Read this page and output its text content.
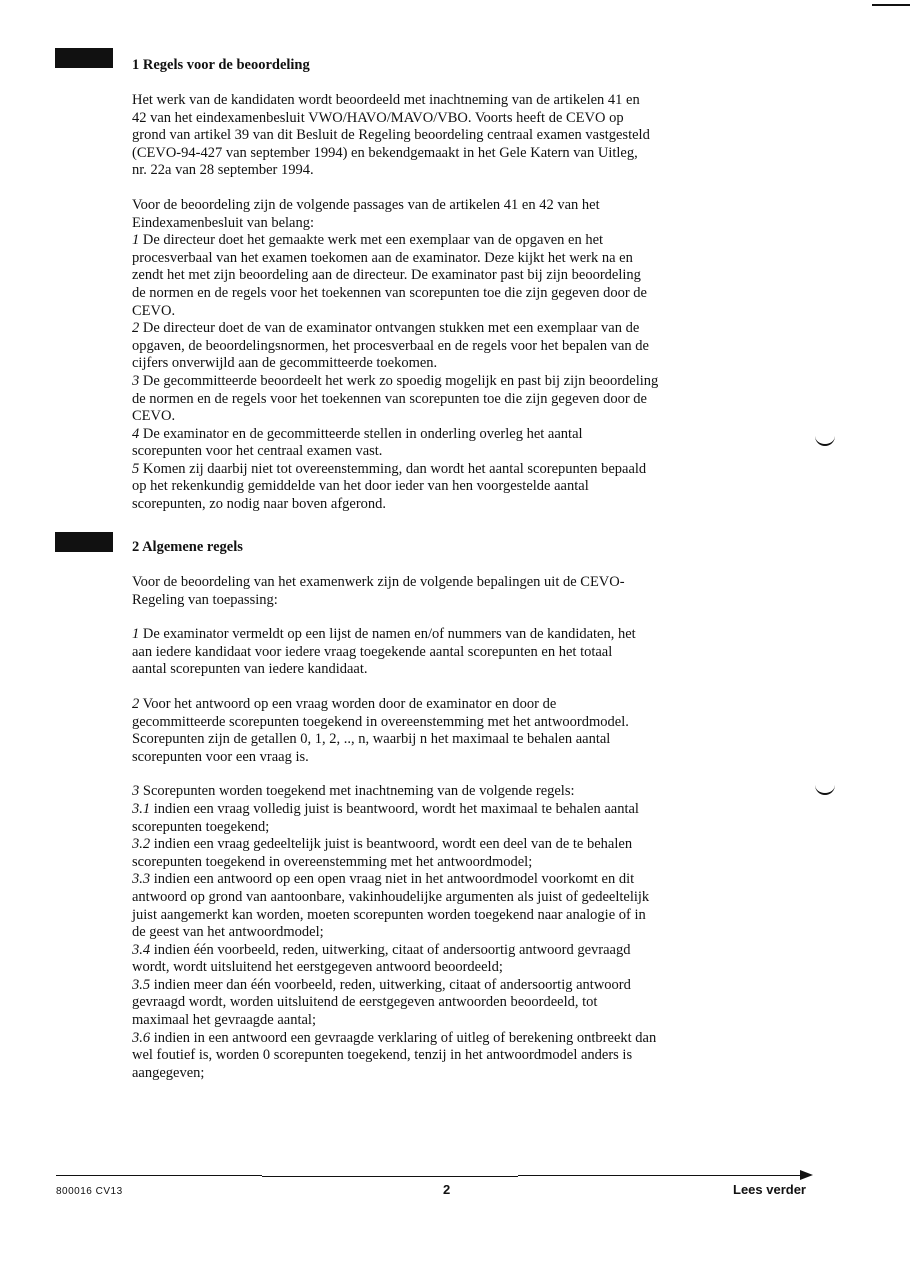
1 Regels voor de beoordeling

Het werk van de kandidaten wordt beoordeeld met inachtneming van de artikelen 41 en
42 van het eindexamenbesluit VWO/HAVO/MAVO/VBO. Voorts heeft de CEVO op
grond van artikel 39 van dit Besluit de Regeling beoordeling centraal examen vastgesteld
(CEVO-94-427 van september 1994) en bekendgemaakt in het Gele Katern van Uitleg,
nr. 22a van 28 september 1994.

Voor de beoordeling zijn de volgende passages van de artikelen 41 en 42 van het
Eindexamenbesluit van belang:

1 De directeur doet het gemaakte werk met een exemplaar van de opgaven en het
procesverbaal van het examen toekomen aan de examinator. Deze kijkt het werk na en
zendt het met zijn beoordeling aan de directeur. De examinator past bij zijn beoordeling
de normen en de regels voor het toekennen van scorepunten toe die zijn gegeven door de
CEVO.

2 De directeur doet de van de examinator ontvangen stukken met een exemplaar van de
opgaven, de beoordelingsnormen, het procesverbaal en de regels voor het bepalen van de
cijfers onverwijld aan de gecommitteerde toekomen.

3 De gecommitteerde beoordeelt het werk zo spoedig mogelijk en past bij zijn beoordeling
de normen en de regels voor het toekennen van scorepunten toe die zijn gegeven door de
CEVO.

4 De examinator en de gecommitteerde stellen in onderling overleg het aantal
scorepunten voor het centraal examen vast.

5 Komen zij daarbij niet tot overeenstemming, dan wordt het aantal scorepunten bepaald
op het rekenkundig gemiddelde van het door ieder van hen voorgestelde aantal
scorepunten, zo nodig naar boven afgerond.

2 Algemene regels

Voor de beoordeling van het examenwerk zijn de volgende bepalingen uit de CEVO-
Regeling van toepassing:

1 De examinator vermeldt op een lijst de namen en/of nummers van de kandidaten, het
aan iedere kandidaat voor iedere vraag toegekende aantal scorepunten en het totaal
aantal scorepunten van iedere kandidaat.

2 Voor het antwoord op een vraag worden door de examinator en door de
gecommitteerde scorepunten toegekend in overeenstemming met het antwoordmodel.
Scorepunten zijn de getallen 0, 1, 2, .., n, waarbij n het maximaal te behalen aantal
scorepunten voor een vraag is.

3 Scorepunten worden toegekend met inachtneming van de volgende regels:

3.1 indien een vraag volledig juist is beantwoord, wordt het maximaal te behalen aantal
scorepunten toegekend;

3.2 indien een vraag gedeeltelijk juist is beantwoord, wordt een deel van de te behalen
scorepunten toegekend in overeenstemming met het antwoordmodel;

3.3 indien een antwoord op een open vraag niet in het antwoordmodel voorkomt en dit
antwoord op grond van aantoonbare, vakinhoudelijke argumenten als juist of gedeeltelijk
juist aangemerkt kan worden, moeten scorepunten worden toegekend naar analogie of in
de geest van het antwoordmodel;

3.4 indien één voorbeeld, reden, uitwerking, citaat of andersoortig antwoord gevraagd
wordt, wordt uitsluitend het eerstgegeven antwoord beoordeeld;

3.5 indien meer dan één voorbeeld, reden, uitwerking, citaat of andersoortig antwoord
gevraagd wordt, worden uitsluitend de eerstgegeven antwoorden beoordeeld, tot
maximaal het gevraagde aantal;

3.6 indien in een antwoord een gevraagde verklaring of uitleg of berekening ontbreekt dan
wel foutief is, worden 0 scorepunten toegekend, tenzij in het antwoordmodel anders is
aangegeven;

800016 CV13	2	Lees verder
